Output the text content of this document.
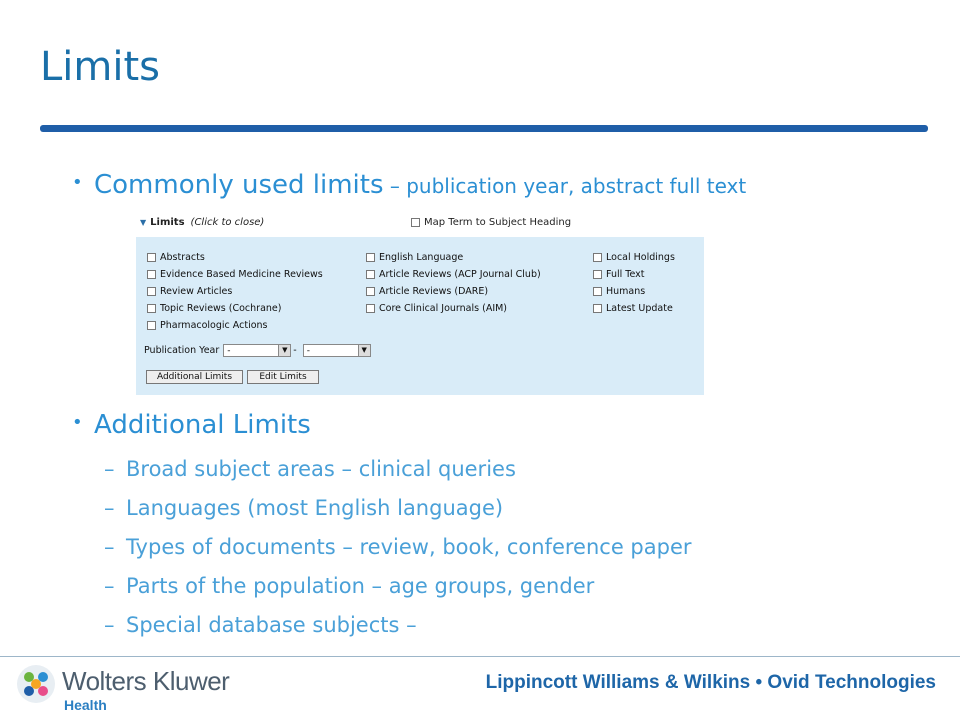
Limits
• Commonly used limits – publication year, abstract full text
▼ Limits (Click to close)	Map Term to Subject Heading
Abstracts
Evidence Based Medicine Reviews
Review Articles
Topic Reviews (Cochrane)
Pharmacologic Actions
English Language
Article Reviews (ACP Journal Club)
Article Reviews (DARE)
Core Clinical Journals (AIM)
Local Holdings
Full Text
Humans
Latest Update
Publication Year -	▼ - -	▼
Additional Limits	Edit Limits
• Additional Limits
– Broad subject areas – clinical queries
– Languages (most English language)
– Types of documents – review, book, conference paper
– Parts of the population – age groups, gender
– Special database subjects –
Wolters Kluwer
Health
Lippincott Williams & Wilkins • Ovid Technologies
